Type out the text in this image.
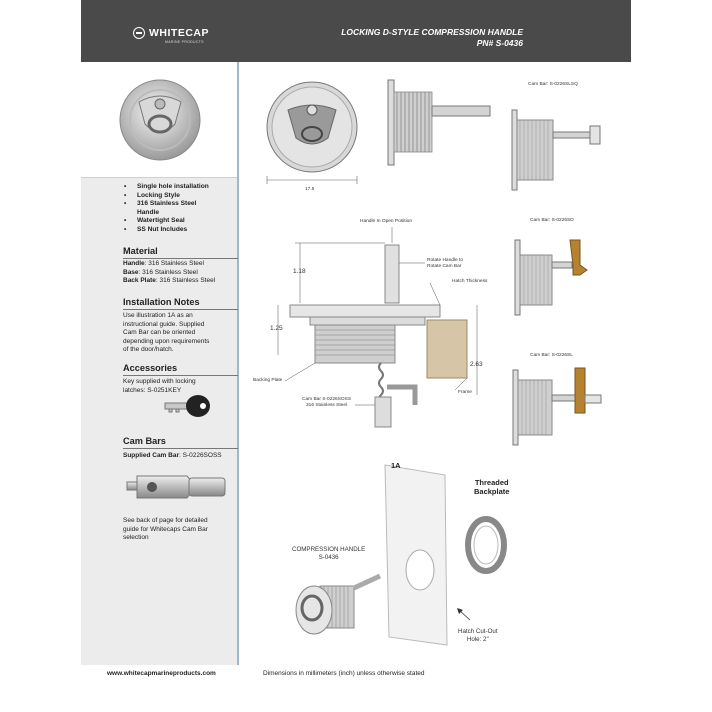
WHITECAP
MARINE PRODUCTS
LOCKING D-STYLE COMPRESSION HANDLE
PN# S-0436
• Single hole installation
• Locking Style
• 316 Stainless Steel
Handle
• Watertight Seal
• SS Nut Includes
Material
Handle: 316 Stainless Steel
Base: 316 Stainless Steel
Back Plate: 316 Stainless Steel
Installation Notes
Use illustration 1A as an
instructional guide. Supplied
Cam Bar can be oriented
depending upon requirements
of the door/hatch.
Accessories
Key supplied with locking
latches: S-0251KEY
Cam Bars
Supplied Cam Bar: S-0226SOSS
See back of page for detailed
guide for Whitecaps Cam Bar
selection
17.5
Cam Bar: S-0226SLSQ
Cam Bar: S-0226SD
Cam Bar: S-0226SL
Handle In Open Position
Rotate Handle to
Rotate Cam Bar
Hatch Thickness
1.18
1.25
2.63
Backing Plate
Frame
Cam Bar S-0226SOSS
316 Stainless Steel
1A
Threaded
Backplate
COMPRESSION HANDLE
S-0436
Hatch Cut-Out
Hole: 2"
www.whitecapmarineproducts.com	Dimensions in millimeters (inch) unless otherwise stated
